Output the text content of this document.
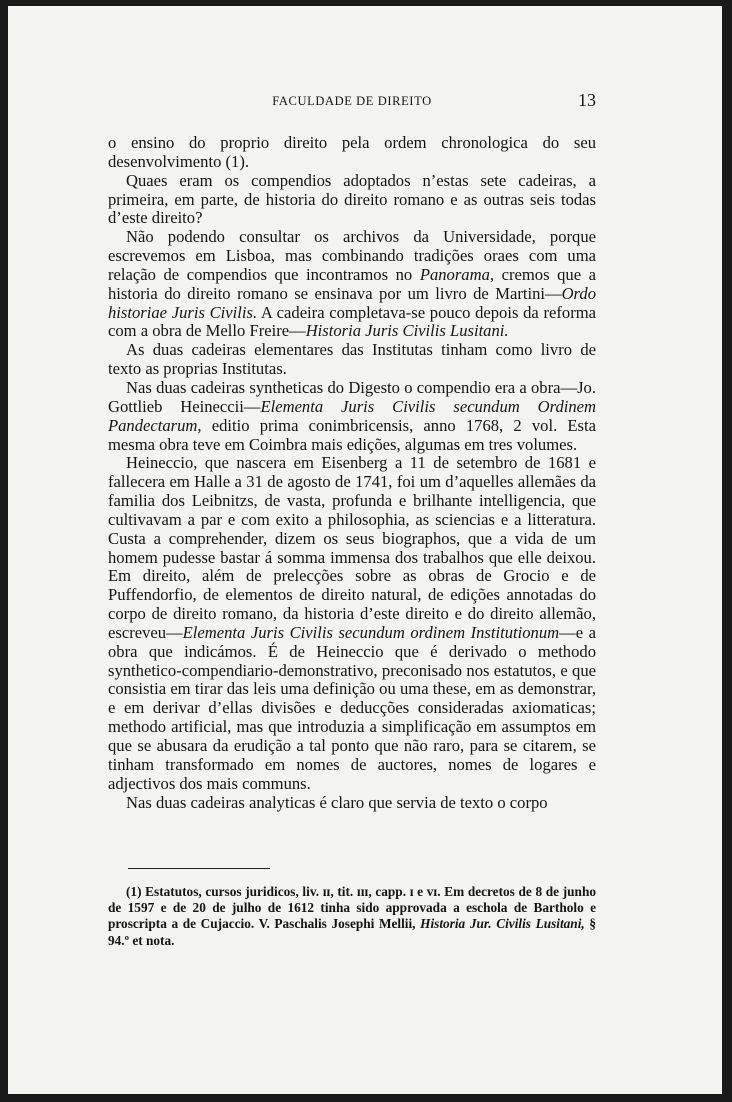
FACULDADE DE DIREITO	13

o ensino do proprio direito pela ordem chronologica do seu desenvolvimento (1).

Quaes eram os compendios adoptados n’estas sete cadeiras, a primeira, em parte, de historia do direito romano e as outras seis todas d’este direito?

Não podendo consultar os archivos da Universidade, porque escrevemos em Lisboa, mas combinando tradições oraes com uma relação de compendios que incontramos no Panorama, cremos que a historia do direito romano se ensinava por um livro de Martini—Ordo historiae Juris Civilis. A cadeira completava-se pouco depois da reforma com a obra de Mello Freire—Historia Juris Civilis Lusitani.

As duas cadeiras elementares das Institutas tinham como livro de texto as proprias Institutas.

Nas duas cadeiras syntheticas do Digesto o compendio era a obra—Jo. Gottlieb Heineccii—Elementa Juris Civilis secundum Ordinem Pandectarum, editio prima conimbricensis, anno 1768, 2 vol. Esta mesma obra teve em Coimbra mais edições, algumas em tres volumes.

Heineccio, que nascera em Eisenberg a 11 de setembro de 1681 e fallecera em Halle a 31 de agosto de 1741, foi um d’aquelles allemães da familia dos Leibnitzs, de vasta, profunda e brilhante intelligencia, que cultivavam a par e com exito a philosophia, as sciencias e a litteratura. Custa a comprehender, dizem os seus biographos, que a vida de um homem pudesse bastar á somma immensa dos trabalhos que elle deixou. Em direito, além de prelecções sobre as obras de Grocio e de Puffendorfio, de elementos de direito natural, de edições annotadas do corpo de direito romano, da historia d’este direito e do direito allemão, escreveu—Elementa Juris Civilis secundum ordinem Institutionum—e a obra que indicámos. É de Heineccio que é derivado o methodo synthetico-compendiario-demonstrativo, preconisado nos estatutos, e que consistia em tirar das leis uma definição ou uma these, em as demonstrar, e em derivar d’ellas divisões e deducções consideradas axiomaticas; methodo artificial, mas que introduzia a simplificação em assumptos em que se abusara da erudição a tal ponto que não raro, para se citarem, se tinham transformado em nomes de auctores, nomes de logares e adjectivos dos mais communs.

Nas duas cadeiras analyticas é claro que servia de texto o corpo

(1) Estatutos, cursos juridicos, liv. ɪɪ, tit. ɪɪɪ, capp. ɪ e ᴠɪ. Em decretos de 8 de junho de 1597 e de 20 de julho de 1612 tinha sido approvada a eschola de Bartholo e proscripta a de Cujaccio. V. Paschalis Josephi Mellii, Historia Jur. Civilis Lusitani, § 94.º et nota.
